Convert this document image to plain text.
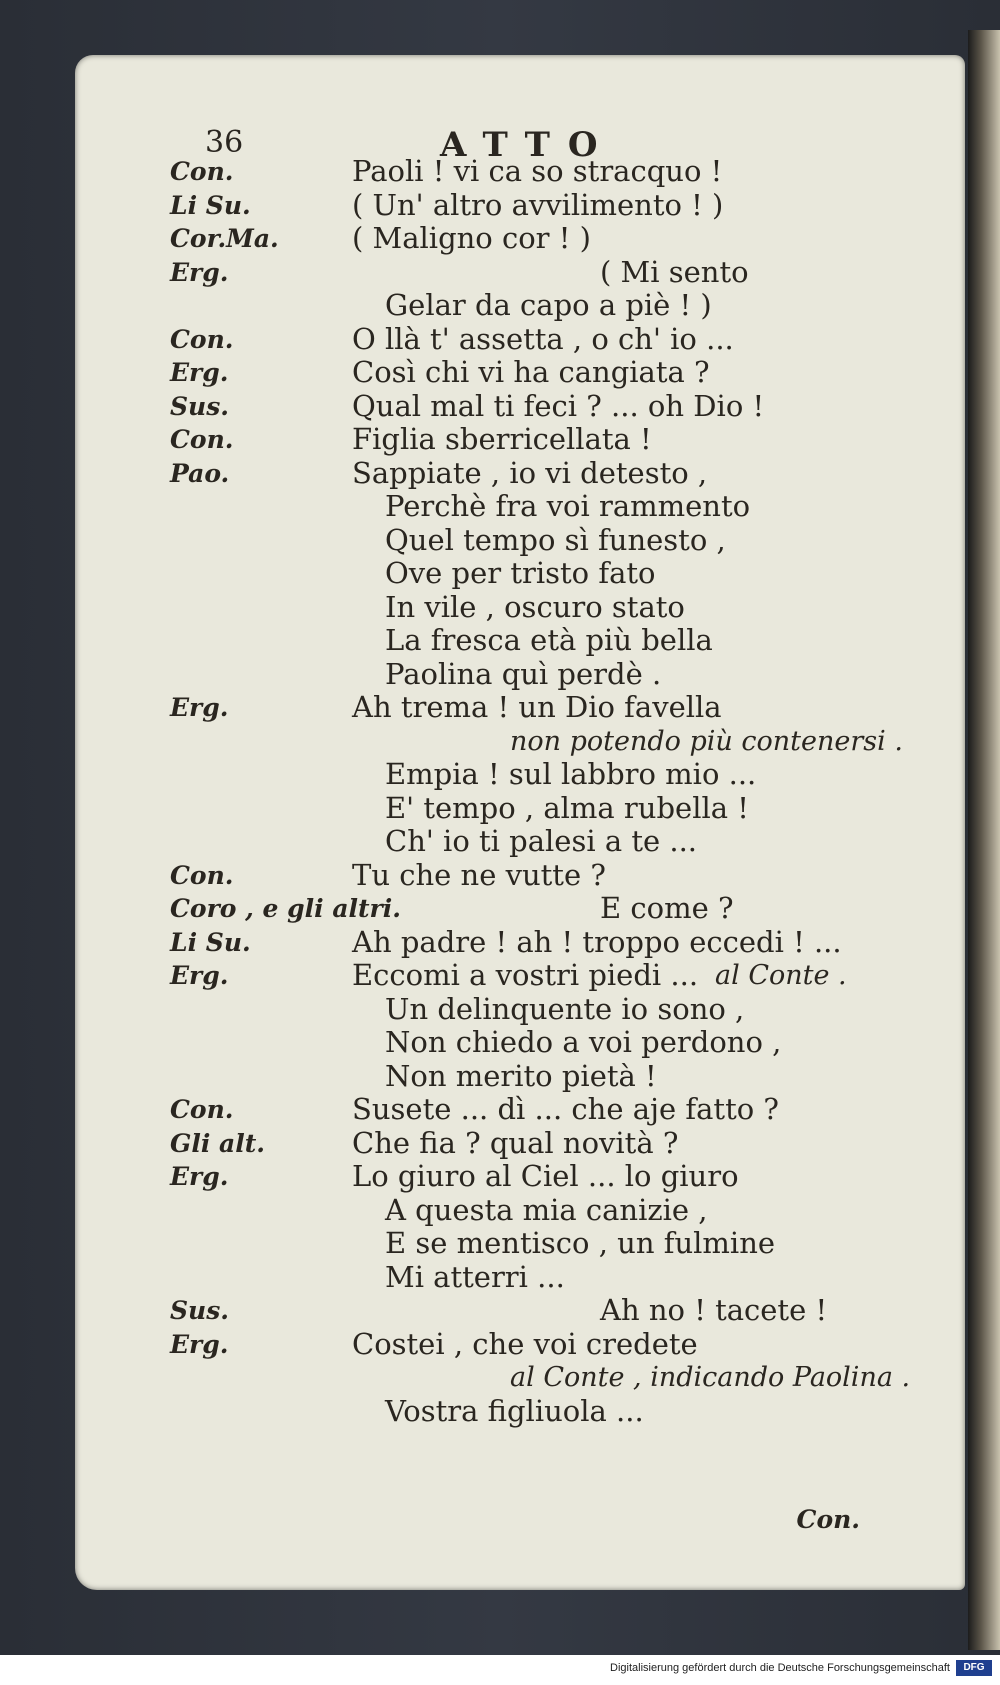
36	ATTO
Con.	Paoli ! vi ca so stracquo !
Li Su.	( Un' altro avvilimento ! )
Cor.Ma.	( Maligno cor ! )
Erg.	( Mi sento
Gelar da capo a piè ! )
Con.	O llà t' assetta , o ch' io ...
Erg.	Così chi vi ha cangiata ?
Sus.	Qual mal ti feci ? ... oh Dio !
Con.	Figlia sberricellata !
Pao.	Sappiate , io vi detesto ,
Perchè fra voi rammento
Quel tempo sì funesto ,
Ove per tristo fato
In vile , oscuro stato
La fresca età più bella
Paolina quì perdè .
Erg.	Ah trema ! un Dio favella
non potendo più contenersi .
Empia ! sul labbro mio ...
E' tempo , alma rubella !
Ch' io ti palesi a te ...
Con.	Tu che ne vutte ?
Coro , e gli altri.	E come ?
Li Su.	Ah padre ! ah ! troppo eccedi ! ...
Erg.	Eccomi a vostri piedi ... al Conte .
Un delinquente io sono ,
Non chiedo a voi perdono ,
Non merito pietà !
Con.	Susete ... dì ... che aje fatto ?
Gli alt.	Che fia ? qual novità ?
Erg.	Lo giuro al Ciel ... lo giuro
A questa mia canizie ,
E se mentisco , un fulmine
Mi atterri ...
Sus.	Ah no ! tacete !
Erg.	Costei , che voi credete
al Conte , indicando Paolina .
Vostra figliuola ...
Con.
Digitalisierung gefördert durch die Deutsche Forschungsgemeinschaft	DFG
